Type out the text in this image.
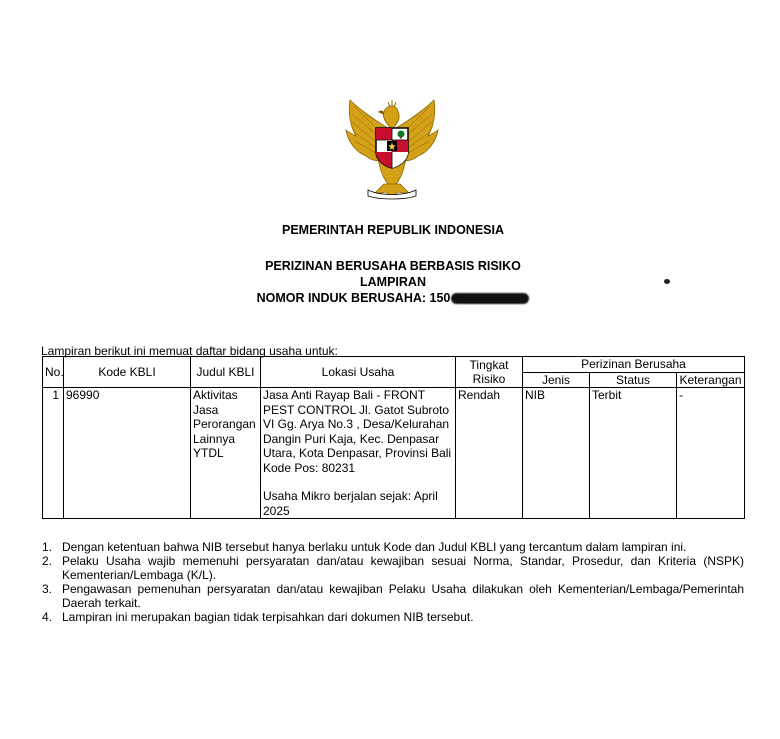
PEMERINTAH REPUBLIK INDONESIA
PERIZINAN BERUSAHA BERBASIS RISIKO
LAMPIRAN
NOMOR INDUK BERUSAHA: 150
Lampiran berikut ini memuat daftar bidang usaha untuk:
No.	Kode KBLI	Judul KBLI	Lokasi Usaha	Tingkat Risiko	Perizinan Berusaha		
					Jenis	Status	Keterangan
1	96990	Aktivitas Jasa Perorangan Lainnya YTDL	Jasa Anti Rayap Bali - FRONT PEST CONTROL Jl. Gatot Subroto VI Gg. Arya No.3 , Desa/Kelurahan Dangin Puri Kaja, Kec. Denpasar Utara, Kota Denpasar, Provinsi Bali Kode Pos: 80231
Usaha Mikro berjalan sejak: April 2025	Rendah	NIB	Terbit	-
1. Dengan ketentuan bahwa NIB tersebut hanya berlaku untuk Kode dan Judul KBLI yang tercantum dalam lampiran ini.
2. Pelaku Usaha wajib memenuhi persyaratan dan/atau kewajiban sesuai Norma, Standar, Prosedur, dan Kriteria (NSPK) Kementerian/Lembaga (K/L).
3. Pengawasan pemenuhan persyaratan dan/atau kewajiban Pelaku Usaha dilakukan oleh Kementerian/Lembaga/Pemerintah Daerah terkait.
4. Lampiran ini merupakan bagian tidak terpisahkan dari dokumen NIB tersebut.
